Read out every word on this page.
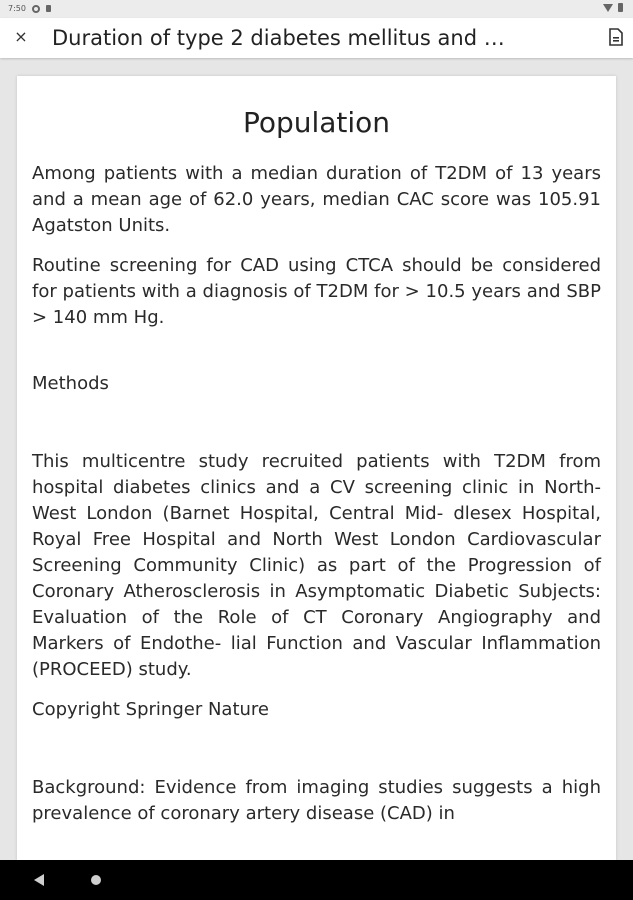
7:50
× Duration of type 2 diabetes mellitus and …
Population

Among patients with a median duration of T2DM of 13 years and a mean age of 62.0 years, median CAC score was 105.91 Agatston Units.

Routine screening for CAD using CTCA should be considered for patients with a diagnosis of T2DM for > 10.5 years and SBP > 140 mm Hg.

Methods

This multicentre study recruited patients with T2DM from hospital diabetes clinics and a CV screening clinic in North-West London (Barnet Hospital, Central Mid- dlesex Hospital, Royal Free Hospital and North West London Cardiovascular Screening Community Clinic) as part of the Progression of Coronary Atherosclerosis in Asymptomatic Diabetic Subjects: Evaluation of the Role of CT Coronary Angiography and Markers of Endothe- lial Function and Vascular Inflammation (PROCEED) study.

Copyright Springer Nature

Background: Evidence from imaging studies suggests a high prevalence of coronary artery disease (CAD) in
